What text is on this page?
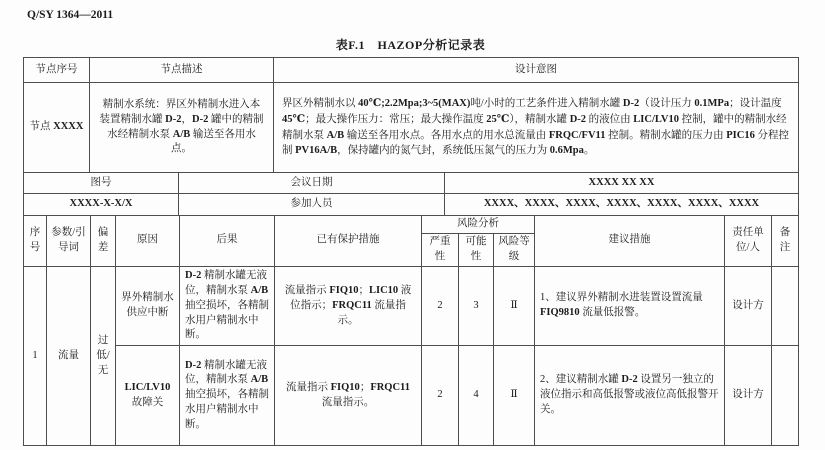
Q/SY 1364—2011
表F.1　HAZOP分析记录表
节点序号	节点描述	设计意图
节点 XXXX	精制水系统：界区外精制水进入本装置精制水罐 D-2，D-2 罐中的精制水经精制水泵 A/B 输送至各用水点。	界区外精制水以 40℃;2.2Mpa;3~5(MAX)吨/小时的工艺条件进入精制水罐 D-2（设计压力 0.1MPa；设计温度 45℃；最大操作压力：常压；最大操作温度 25℃），精制水罐 D-2 的液位由 LIC/LV10 控制，罐中的精制水经精制水泵 A/B 输送至各用水点。各用水点的用水总流量由 FRQC/FV11 控制。精制水罐的压力由 PIC16 分程控制 PV16A/B，保持罐内的氮气封，系统低压氮气的压力为 0.6Mpa。
图号	会议日期	XXXX XX XX
XXXX-X-X/X	参加人员	XXXX、XXXX、XXXX、XXXX、XXXX、XXXX、XXXX
序号	参数/引导词	偏差	原因	后果	已有保护措施	风险分析			建议措施	责任单位/人	备注
						严重性	可能性	风险等级			
1	流量	过低/无	界外精制水供应中断	D-2 精制水罐无液位，精制水泵 A/B 抽空损坏，各精制水用户精制水中断。	流量指示 FIQ10；LIC10 液位指示；FRQC11 流量指示。	2	3	Ⅱ	1、建议界外精制水进装置设置流量 FIQ9810 流量低报警。	设计方	
			LIC/LV10 故障关	D-2 精制水罐无液位，精制水泵 A/B 抽空损坏，各精制水用户精制水中断。	流量指示 FIQ10；FRQC11 流量指示。	2	4	Ⅱ	2、建议精制水罐 D-2 设置另一独立的液位指示和高低报警或液位高低报警开关。	设计方	
